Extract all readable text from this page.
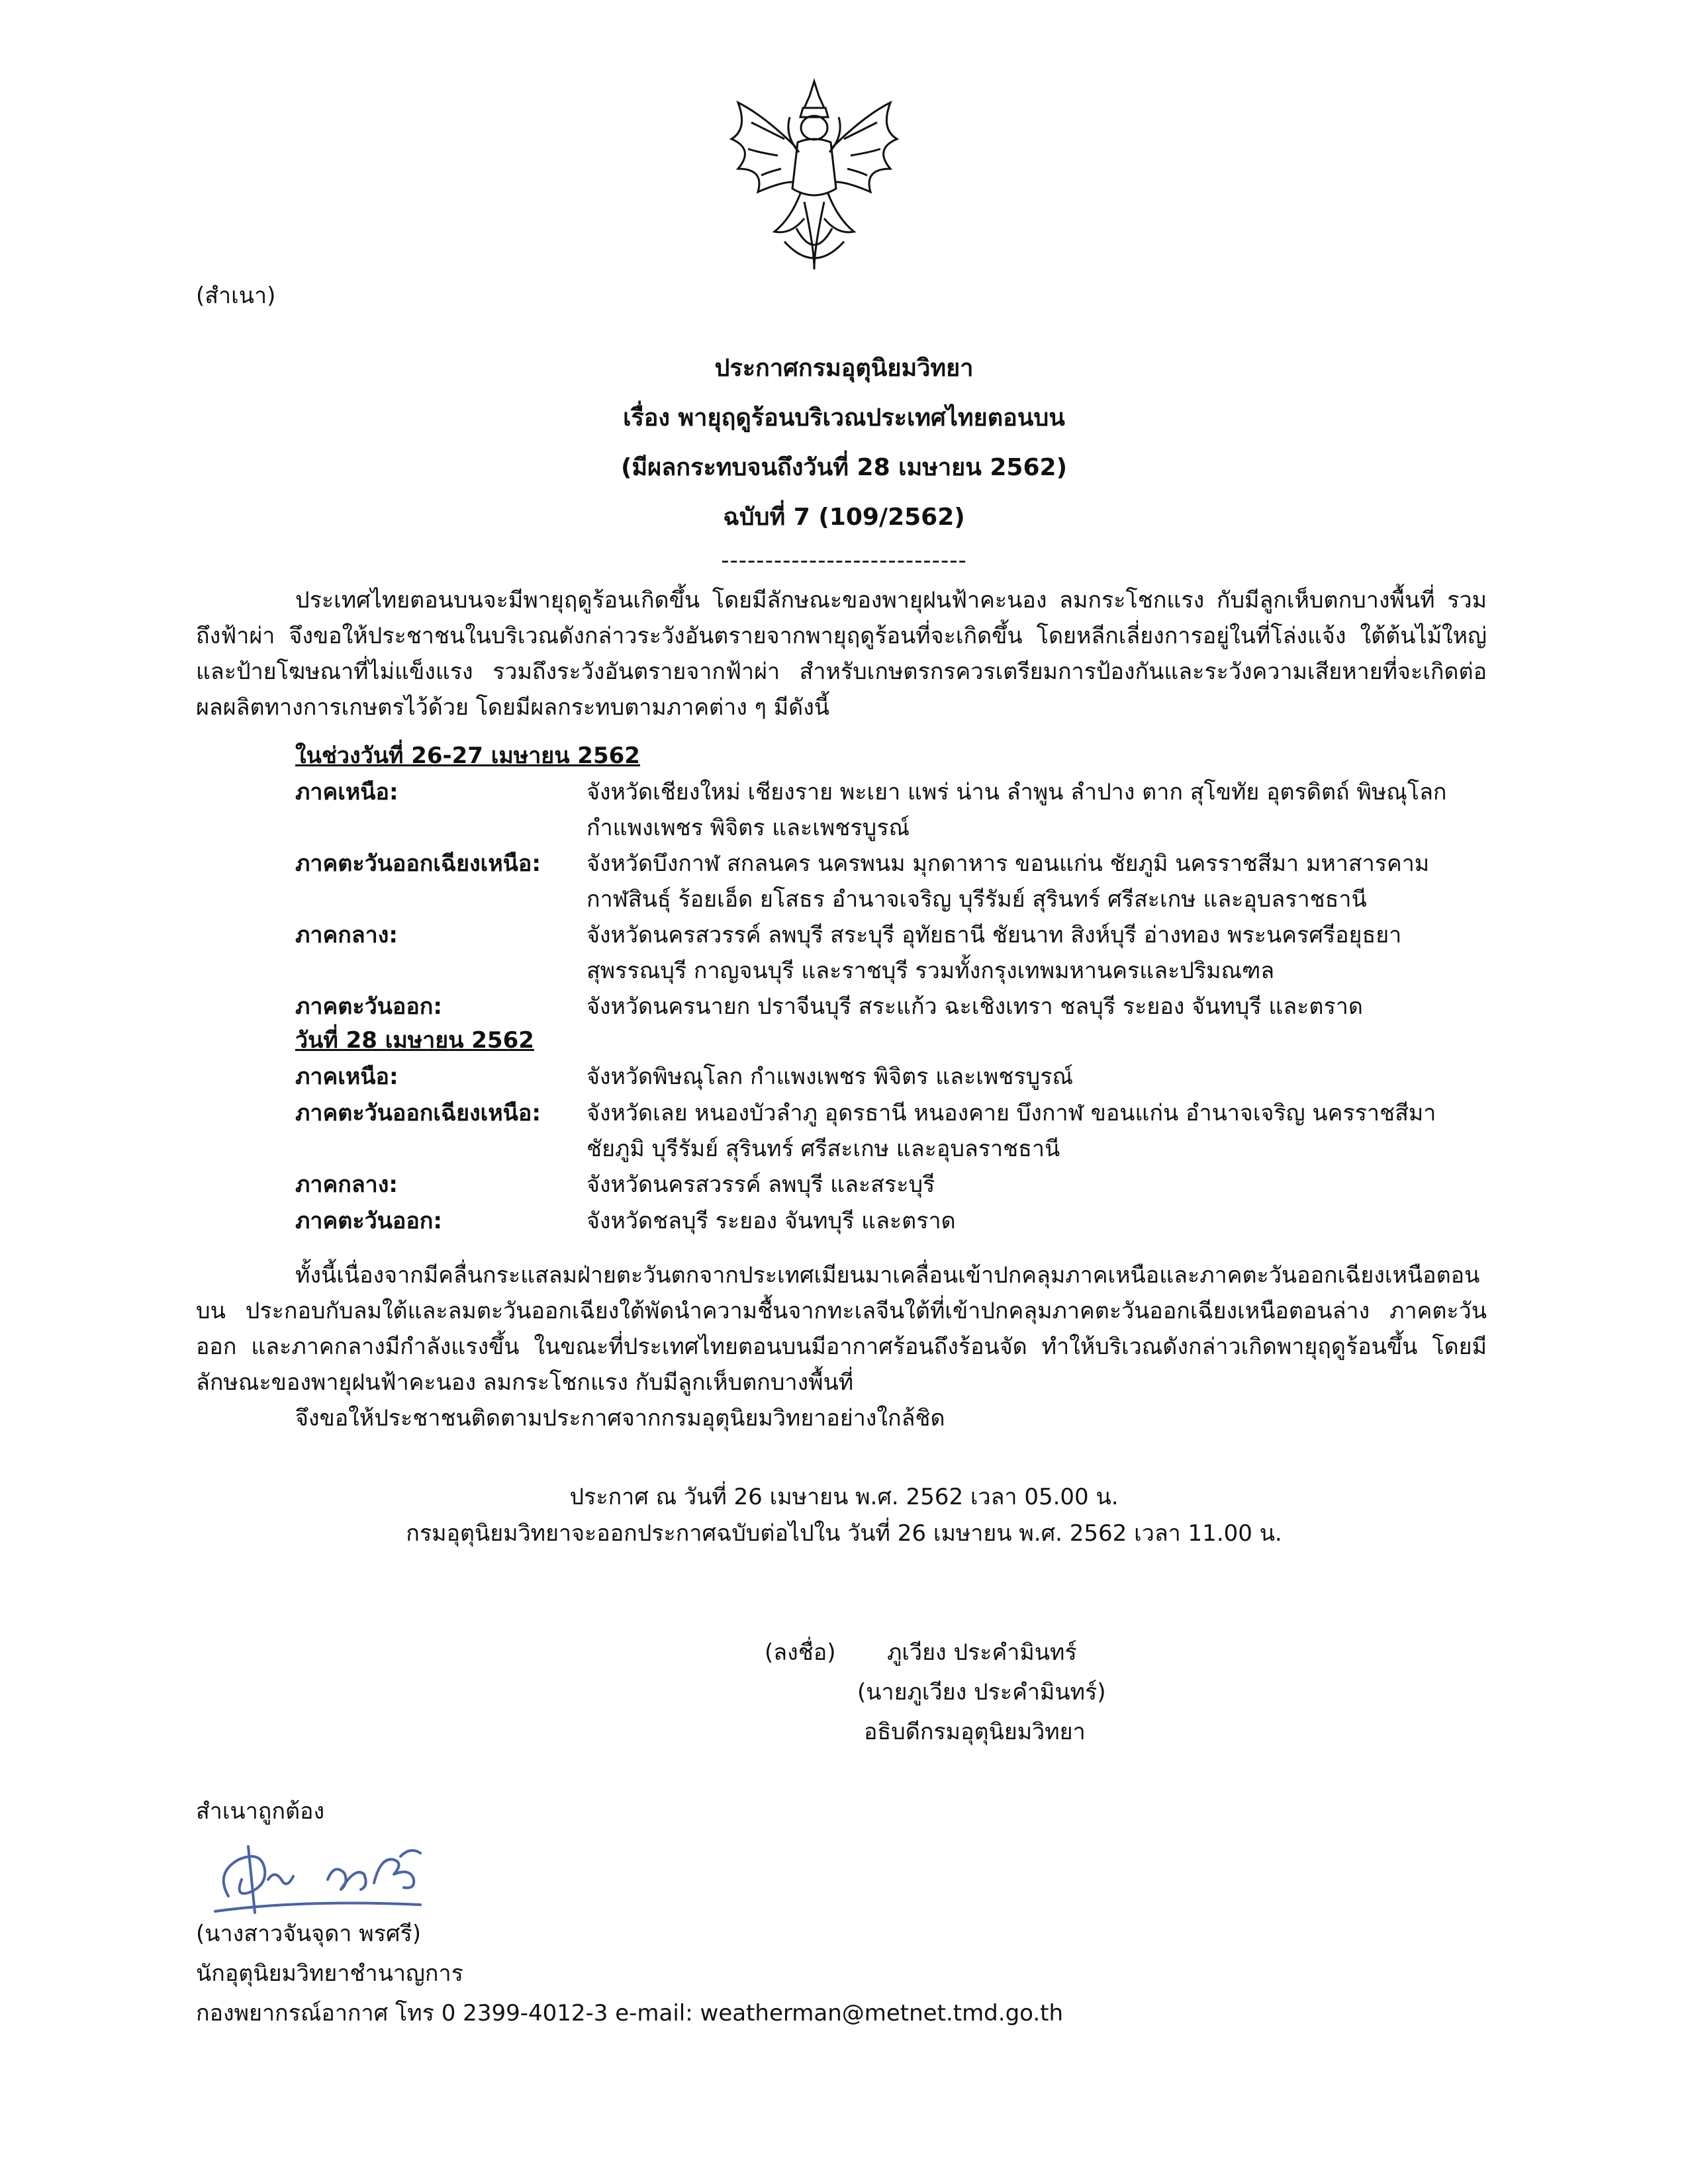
(สำเนา)
ประกาศกรมอุตุนิยมวิทยา
เรื่อง พายุฤดูร้อนบริเวณประเทศไทยตอนบน
(มีผลกระทบจนถึงวันที่ 28 เมษายน 2562)
ฉบับที่ 7 (109/2562)
----------------------------
ประเทศไทยตอนบนจะมีพายุฤดูร้อนเกิดขึ้น โดยมีลักษณะของพายุฝนฟ้าคะนอง ลมกระโชกแรง กับมีลูกเห็บตกบางพื้นที่ รวมถึงฟ้าผ่า จึงขอให้ประชาชนในบริเวณดังกล่าวระวังอันตรายจากพายุฤดูร้อนที่จะเกิดขึ้น โดยหลีกเลี่ยงการอยู่ในที่โล่งแจ้ง ใต้ต้นไม้ใหญ่ และป้ายโฆษณาที่ไม่แข็งแรง รวมถึงระวังอันตรายจากฟ้าผ่า สำหรับเกษตรกรควรเตรียมการป้องกันและระวังความเสียหายที่จะเกิดต่อผลผลิตทางการเกษตรไว้ด้วย โดยมีผลกระทบตามภาคต่าง ๆ มีดังนี้
ในช่วงวันที่ 26-27 เมษายน 2562
ภาคเหนือ:	จังหวัดเชียงใหม่ เชียงราย พะเยา แพร่ น่าน ลำพูน ลำปาง ตาก สุโขทัย อุตรดิตถ์ พิษณุโลก กำแพงเพชร พิจิตร และเพชรบูรณ์
ภาคตะวันออกเฉียงเหนือ: จังหวัดบึงกาฬ สกลนคร นครพนม มุกดาหาร ขอนแก่น ชัยภูมิ นครราชสีมา มหาสารคาม กาฬสินธุ์ ร้อยเอ็ด ยโสธร อำนาจเจริญ บุรีรัมย์ สุรินทร์ ศรีสะเกษ และอุบลราชธานี
ภาคกลาง:	จังหวัดนครสวรรค์ ลพบุรี สระบุรี อุทัยธานี ชัยนาท สิงห์บุรี อ่างทอง พระนครศรีอยุธยา สุพรรณบุรี กาญจนบุรี และราชบุรี รวมทั้งกรุงเทพมหานครและปริมณฑล
ภาคตะวันออก:	จังหวัดนครนายก ปราจีนบุรี สระแก้ว ฉะเชิงเทรา ชลบุรี ระยอง จันทบุรี และตราด
วันที่ 28 เมษายน 2562
ภาคเหนือ:	จังหวัดพิษณุโลก กำแพงเพชร พิจิตร และเพชรบูรณ์
ภาคตะวันออกเฉียงเหนือ: จังหวัดเลย หนองบัวลำภู อุดรธานี หนองคาย บึงกาฬ ขอนแก่น อำนาจเจริญ นครราชสีมา ชัยภูมิ บุรีรัมย์ สุรินทร์ ศรีสะเกษ และอุบลราชธานี
ภาคกลาง:	จังหวัดนครสวรรค์ ลพบุรี และสระบุรี
ภาคตะวันออก:	จังหวัดชลบุรี ระยอง จันทบุรี และตราด
ทั้งนี้เนื่องจากมีคลื่นกระแสลมฝ่ายตะวันตกจากประเทศเมียนมาเคลื่อนเข้าปกคลุมภาคเหนือและภาคตะวันออกเฉียงเหนือตอนบน ประกอบกับลมใต้และลมตะวันออกเฉียงใต้พัดนำความชื้นจากทะเลจีนใต้ที่เข้าปกคลุมภาคตะวันออกเฉียงเหนือตอนล่าง ภาคตะวันออก และภาคกลางมีกำลังแรงขึ้น ในขณะที่ประเทศไทยตอนบนมีอากาศร้อนถึงร้อนจัด ทำให้บริเวณดังกล่าวเกิดพายุฤดูร้อนขึ้น โดยมีลักษณะของพายุฝนฟ้าคะนอง ลมกระโชกแรง กับมีลูกเห็บตกบางพื้นที่
จึงขอให้ประชาชนติดตามประกาศจากกรมอุตุนิยมวิทยาอย่างใกล้ชิด
ประกาศ ณ วันที่ 26 เมษายน พ.ศ. 2562 เวลา 05.00 น.
กรมอุตุนิยมวิทยาจะออกประกาศฉบับต่อไปใน วันที่ 26 เมษายน พ.ศ. 2562 เวลา 11.00 น.
(ลงชื่อ) ภูเวียง ประคำมินทร์
(นายภูเวียง ประคำมินทร์)
อธิบดีกรมอุตุนิยมวิทยา
สำเนาถูกต้อง
(นางสาวจันจุดา พรศรี)
นักอุตุนิยมวิทยาชำนาญการ
กองพยากรณ์อากาศ โทร 0 2399-4012-3 e-mail: weatherman@metnet.tmd.go.th
